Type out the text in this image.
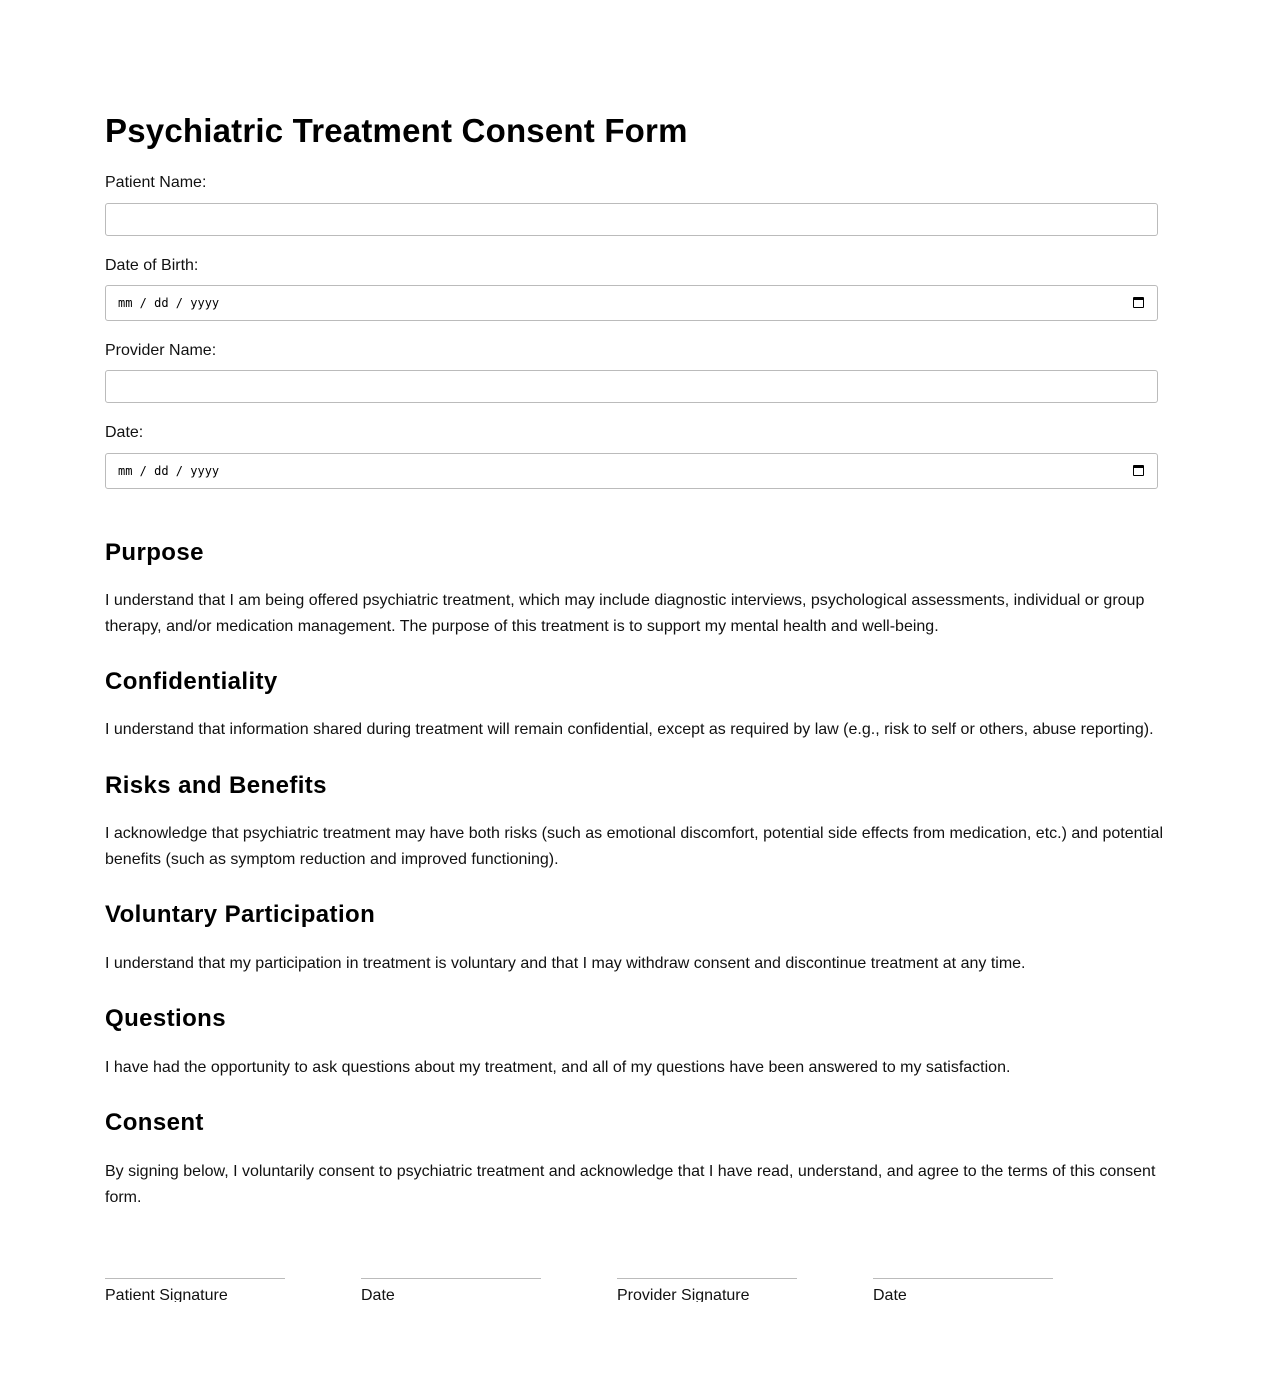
Psychiatric Treatment Consent Form
Patient Name:
Date of Birth:
mm / dd / yyyy
Provider Name:
Date:
mm / dd / yyyy
Purpose

I understand that I am being offered psychiatric treatment, which may include diagnostic interviews, psychological assessments, individual or group therapy, and/or medication management. The purpose of this treatment is to support my mental health and well-being.

Confidentiality

I understand that information shared during treatment will remain confidential, except as required by law (e.g., risk to self or others, abuse reporting).

Risks and Benefits

I acknowledge that psychiatric treatment may have both risks (such as emotional discomfort, potential side effects from medication, etc.) and potential benefits (such as symptom reduction and improved functioning).

Voluntary Participation

I understand that my participation in treatment is voluntary and that I may withdraw consent and discontinue treatment at any time.

Questions

I have had the opportunity to ask questions about my treatment, and all of my questions have been answered to my satisfaction.

Consent

By signing below, I voluntarily consent to psychiatric treatment and acknowledge that I have read, understand, and agree to the terms of this consent form.

Patient Signature	Date	Provider Signature	Date
